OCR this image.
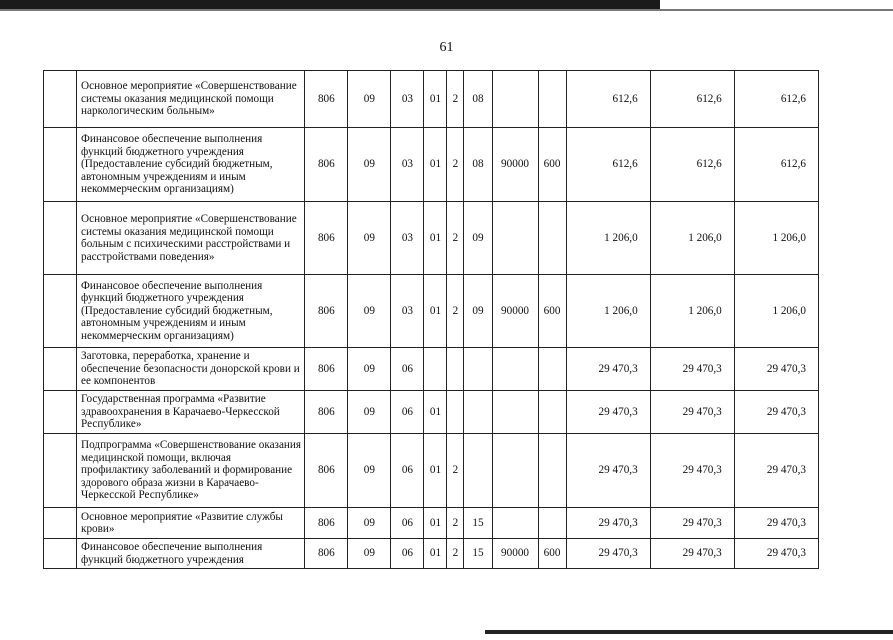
61
	Основное мероприятие «Совершенствование системы оказания медицинской помощи наркологическим больным»	806	09	03	01	2	08			612,6	612,6	612,6
	Финансовое обеспечение выполнения функций бюджетного учреждения (Предоставление субсидий бюджетным, автономным учреждениям и иным некоммерческим организациям)	806	09	03	01	2	08	90000	600	612,6	612,6	612,6
	Основное мероприятие «Совершенствование системы оказания медицинской помощи больным с психическими расстройствами и расстройствами поведения»	806	09	03	01	2	09			1 206,0	1 206,0	1 206,0
	Финансовое обеспечение выполнения функций бюджетного учреждения (Предоставление субсидий бюджетным, автономным учреждениям и иным некоммерческим организациям)	806	09	03	01	2	09	90000	600	1 206,0	1 206,0	1 206,0
	Заготовка, переработка, хранение и обеспечение безопасности донорской крови и ее компонентов	806	09	06						29 470,3	29 470,3	29 470,3
	Государственная программа «Развитие здравоохранения в Карачаево-Черкесской Республике»	806	09	06	01					29 470,3	29 470,3	29 470,3
	Подпрограмма «Совершенствование оказания медицинской помощи, включая профилактику заболеваний и формирование здорового образа жизни в Карачаево-Черкесской Республике»	806	09	06	01	2				29 470,3	29 470,3	29 470,3
	Основное мероприятие «Развитие службы крови»	806	09	06	01	2	15			29 470,3	29 470,3	29 470,3
	Финансовое обеспечение выполнения функций бюджетного учреждения	806	09	06	01	2	15	90000	600	29 470,3	29 470,3	29 470,3
